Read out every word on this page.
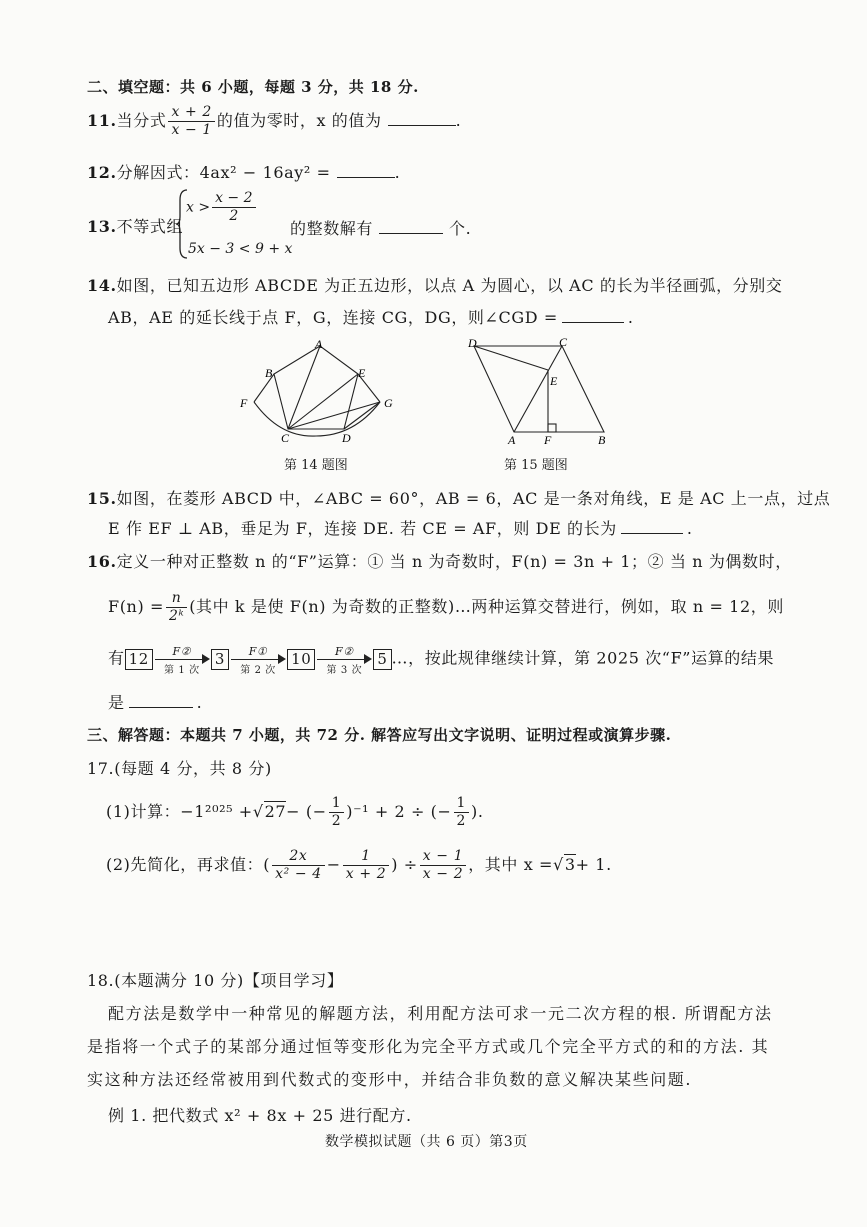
二、填空题：共 6 小题，每题 3 分，共 18 分.
11.当分式 $\frac{x + 2}{x - 1}$ 的值为零时，x 的值为	.
12.分解因式：4ax² − 16ay² =	.
13.不等式组
$x > \frac{x - 2}{2}$
5x − 3 < 9 + x
的整数解有	个.
14.如图，已知五边形 ABCDE 为正五边形，以点 A 为圆心，以 AC 的长为半径画弧，分别交
AB，AE 的延长线于点 F，G，连接 CG，DG，则∠CGD =	.
A
B
C	D
E
F	G
第 14 题图
D	C
E
A F	B
第 15 题图
15.如图，在菱形 ABCD 中，∠ABC = 60°，AB = 6，AC 是一条对角线，E 是 AC 上一点，过点
E 作 EF ⊥ AB，垂足为 F，连接 DE. 若 CE = AF，则 DE 的长为	.
16.定义一种对正整数 n 的“F”运算：① 当 n 为奇数时，F(n) = 3n + 1；② 当 n 为偶数时，
$F(n) = \frac{n}{\text{2ᵏ}}$ (其中 k 是使 F(n) 为奇数的正整数)…两种运算交替进行，例如，取 n = 12，则
有 12	F②
第 1 次
3	F①
第 2 次
10	F②
第 3 次
5 …，按此规律继续计算，第 2025 次“F”运算的结果
是	.
三、解答题：本题共 7 小题，共 72 分. 解答应写出文字说明、证明过程或演算步骤.
17.(每题 4 分，共 8 分)
(1)计算：−1²⁰²⁵ +√27− (− $\frac{1}{2} )^{-1} + 2$ ÷ (− $\frac{1}{2}$ ).
(2)先简化，再求值：( $\frac{2x}{\text{x² − 4}} - \frac{1}{x + 2}$ ) ÷ $\frac{x - 1}{x - 2}$ ，其中 x =√3+ 1.
18.(本题满分 10 分)【项目学习】
配方法是数学中一种常见的解题方法，利用配方法可求一元二次方程的根. 所谓配方法
是指将一个式子的某部分通过恒等变形化为完全平方式或几个完全平方式的和的方法. 其
实这种方法还经常被用到代数式的变形中，并结合非负数的意义解决某些问题.
例 1. 把代数式 x² + 8x + 25 进行配方.
数学模拟试题（共 6 页）第3页
